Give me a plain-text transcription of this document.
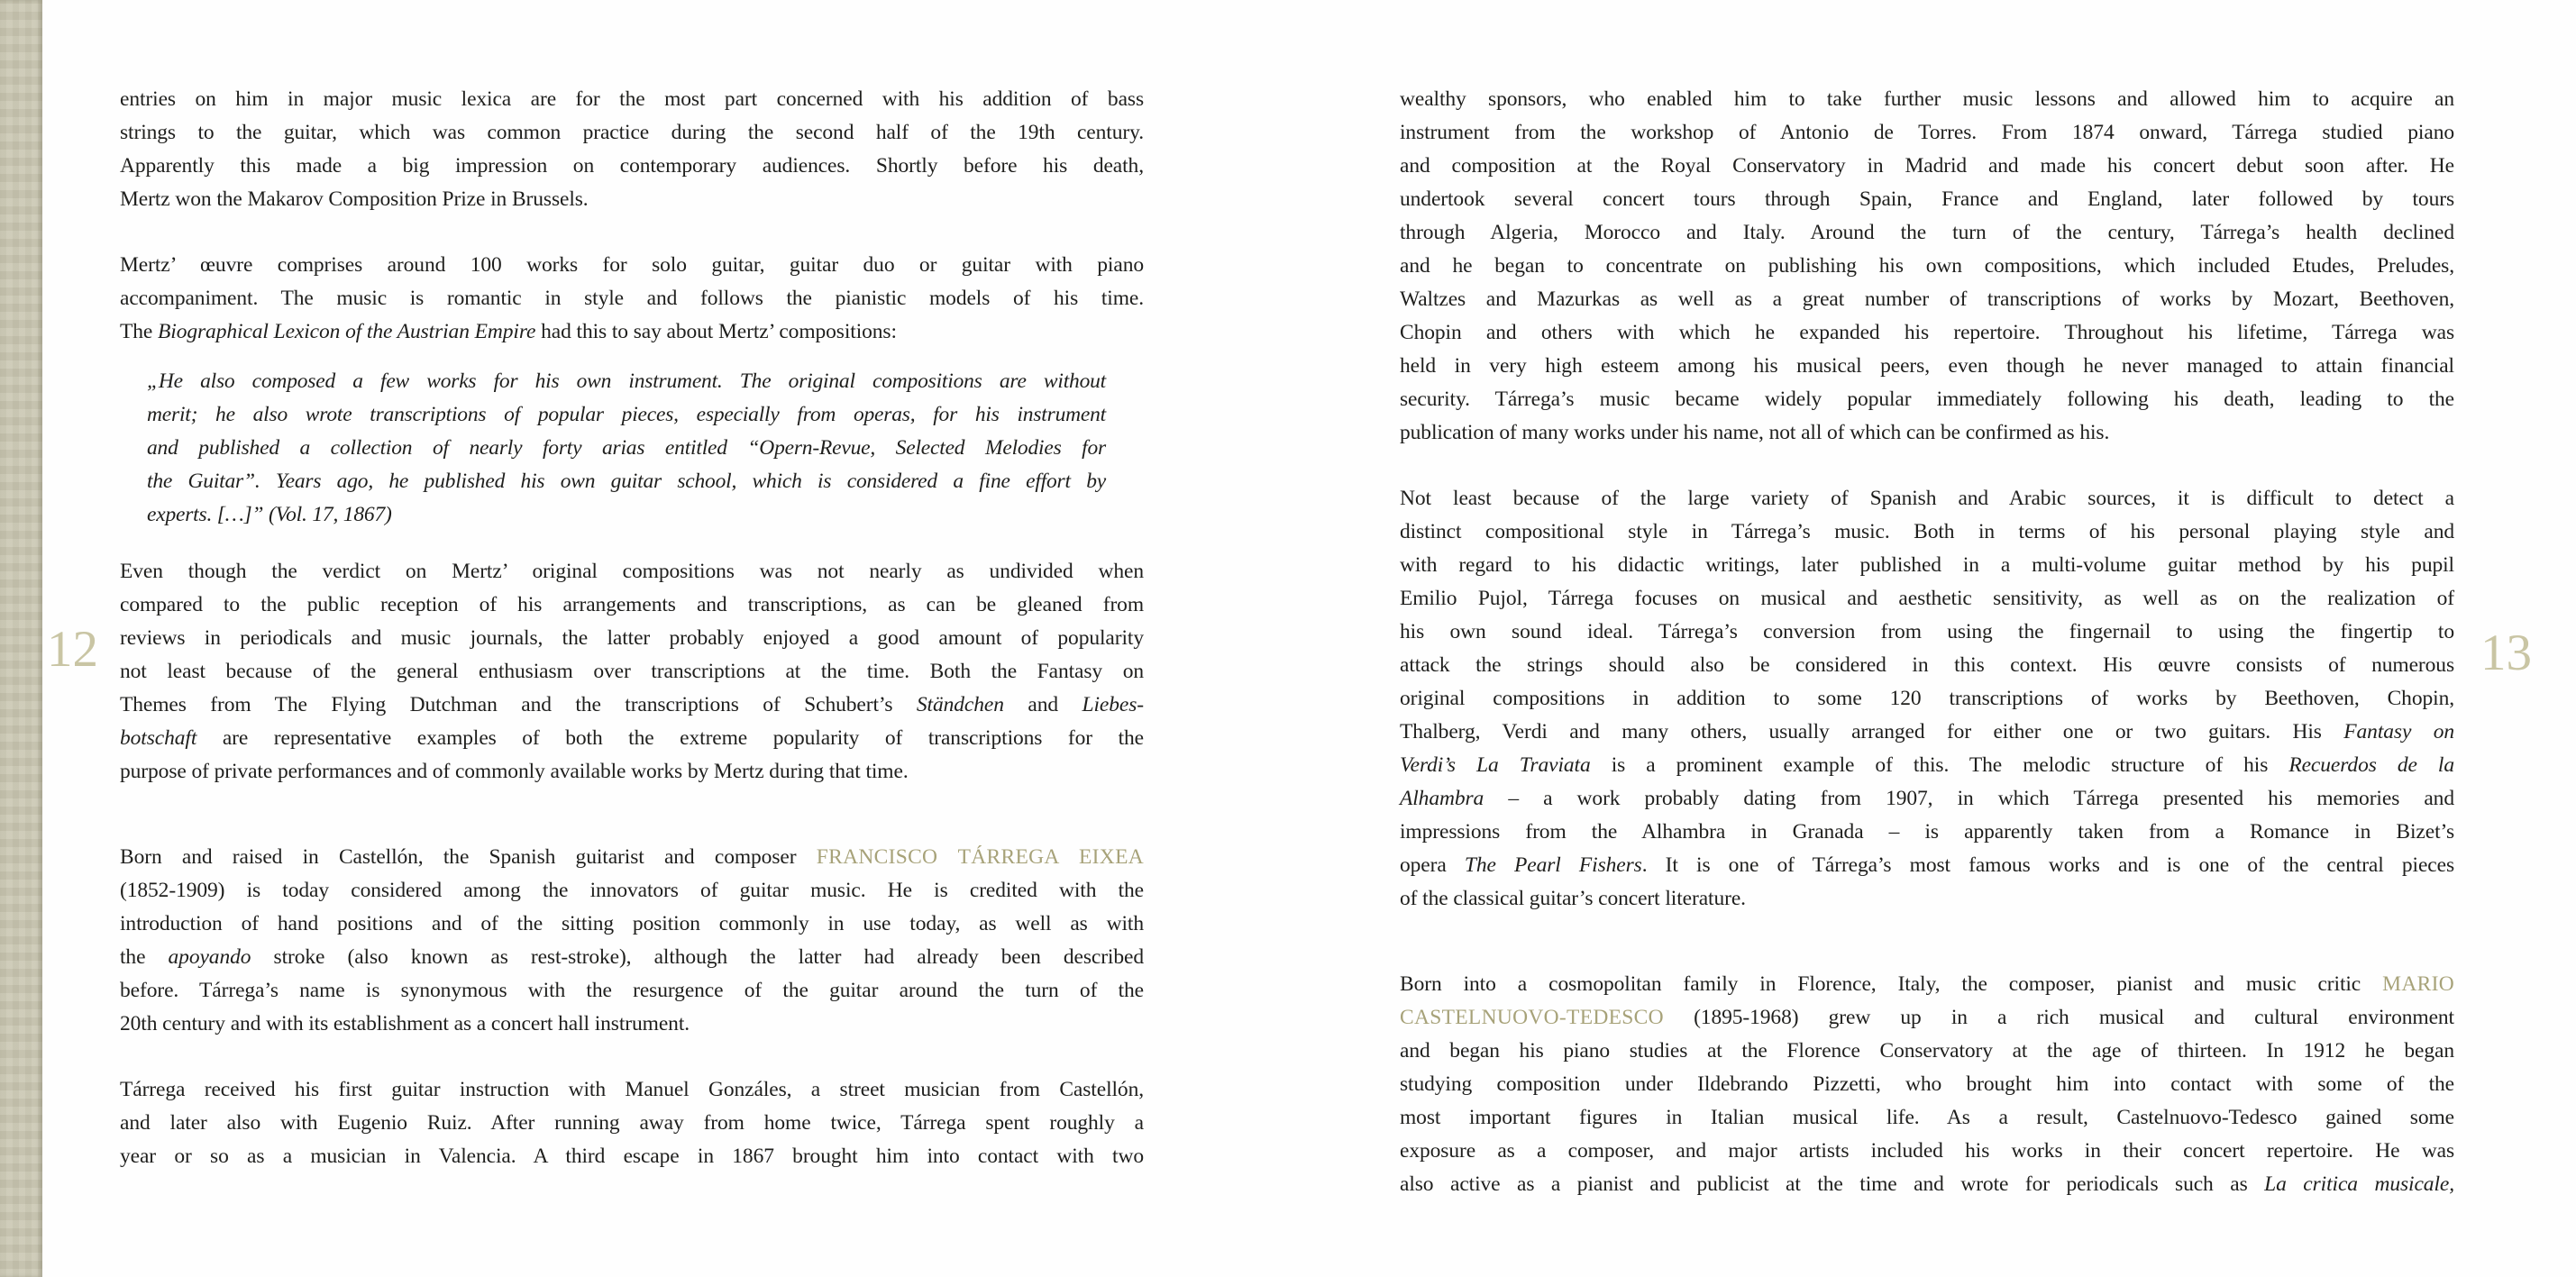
12	13
entries on him in major music lexica are for the most part concerned with his addition of bass
strings to the guitar, which was common practice during the second half of the 19th century.
Apparently this made a big impression on contemporary audiences. Shortly before his death,
Mertz won the Makarov Composition Prize in Brussels.
Mertz’ œuvre comprises around 100 works for solo guitar, guitar duo or guitar with piano
accompaniment. The music is romantic in style and follows the pianistic models of his time.
The Biographical Lexicon of the Austrian Empire had this to say about Mertz’ compositions:
„He also composed a few works for his own instrument. The original compositions are without
merit; he also wrote transcriptions of popular pieces, especially from operas, for his instrument
and published a collection of nearly forty arias entitled “Opern-Revue, Selected Melodies for
the Guitar”. Years ago, he published his own guitar school, which is considered a fine effort by
experts. […]” (Vol. 17, 1867)
Even though the verdict on Mertz’ original compositions was not nearly as undivided when
compared to the public reception of his arrangements and transcriptions, as can be gleaned from
reviews in periodicals and music journals, the latter probably enjoyed a good amount of popularity
not least because of the general enthusiasm over transcriptions at the time. Both the Fantasy on
Themes from The Flying Dutchman and the transcriptions of Schubert’s Ständchen and Liebes-
botschaft are representative examples of both the extreme popularity of transcriptions for the
purpose of private performances and of commonly available works by Mertz during that time.
Born and raised in Castellón, the Spanish guitarist and composer FRANCISCO TÁRREGA EIXEA
(1852-1909) is today considered among the innovators of guitar music. He is credited with the
introduction of hand positions and of the sitting position commonly in use today, as well as with
the apoyando stroke (also known as rest-stroke), although the latter had already been described
before. Tárrega’s name is synonymous with the resurgence of the guitar around the turn of the
20th century and with its establishment as a concert hall instrument.
Tárrega received his first guitar instruction with Manuel Gonzáles, a street musician from Castellón,
and later also with Eugenio Ruiz. After running away from home twice, Tárrega spent roughly a
year or so as a musician in Valencia. A third escape in 1867 brought him into contact with two
wealthy sponsors, who enabled him to take further music lessons and allowed him to acquire an
instrument from the workshop of Antonio de Torres. From 1874 onward, Tárrega studied piano
and composition at the Royal Conservatory in Madrid and made his concert debut soon after. He
undertook several concert tours through Spain, France and England, later followed by tours
through Algeria, Morocco and Italy. Around the turn of the century, Tárrega’s health declined
and he began to concentrate on publishing his own compositions, which included Etudes, Preludes,
Waltzes and Mazurkas as well as a great number of transcriptions of works by Mozart, Beethoven,
Chopin and others with which he expanded his repertoire. Throughout his lifetime, Tárrega was
held in very high esteem among his musical peers, even though he never managed to attain financial
security. Tárrega’s music became widely popular immediately following his death, leading to the
publication of many works under his name, not all of which can be confirmed as his.
Not least because of the large variety of Spanish and Arabic sources, it is difficult to detect a
distinct compositional style in Tárrega’s music. Both in terms of his personal playing style and
with regard to his didactic writings, later published in a multi-volume guitar method by his pupil
Emilio Pujol, Tárrega focuses on musical and aesthetic sensitivity, as well as on the realization of
his own sound ideal. Tárrega’s conversion from using the fingernail to using the fingertip to
attack the strings should also be considered in this context. His œuvre consists of numerous
original compositions in addition to some 120 transcriptions of works by Beethoven, Chopin,
Thalberg, Verdi and many others, usually arranged for either one or two guitars. His Fantasy on
Verdi’s La Traviata is a prominent example of this. The melodic structure of his Recuerdos de la
Alhambra – a work probably dating from 1907, in which Tárrega presented his memories and
impressions from the Alhambra in Granada – is apparently taken from a Romance in Bizet’s
opera The Pearl Fishers. It is one of Tárrega’s most famous works and is one of the central pieces
of the classical guitar’s concert literature.
Born into a cosmopolitan family in Florence, Italy, the composer, pianist and music critic MARIO
CASTELNUOVO-TEDESCO (1895-1968) grew up in a rich musical and cultural environment
and began his piano studies at the Florence Conservatory at the age of thirteen. In 1912 he began
studying composition under Ildebrando Pizzetti, who brought him into contact with some of the
most important figures in Italian musical life. As a result, Castelnuovo-Tedesco gained some
exposure as a composer, and major artists included his works in their concert repertoire. He was
also active as a pianist and publicist at the time and wrote for periodicals such as La critica musicale,
